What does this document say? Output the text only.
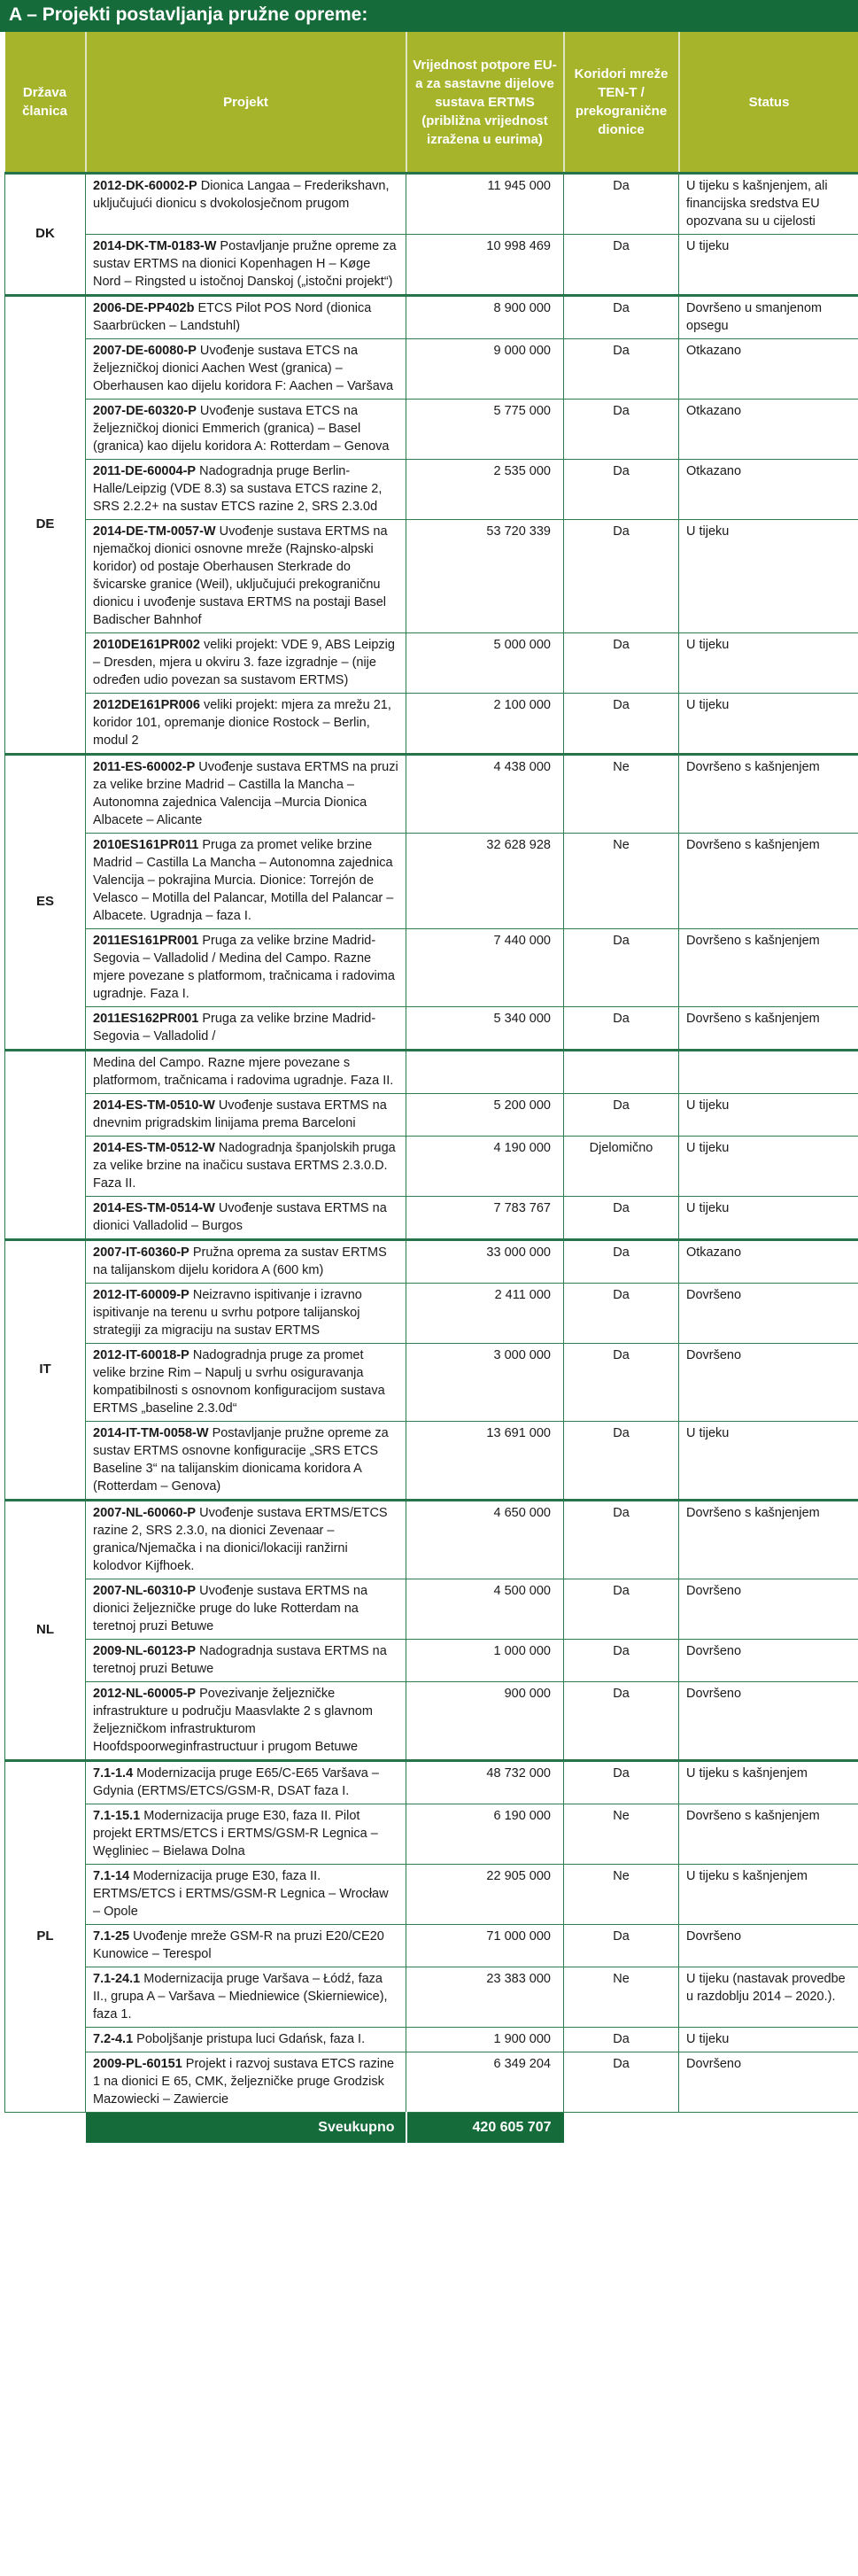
A – Projekti postavljanja pružne opreme:
Država članica	Projekt	Vrijednost potpore EU-a za sastavne dijelove sustava ERTMS (približna vrijednost izražena u eurima)	Koridori mreže TEN-T / prekogranične dionice	Status
DK	2012-DK-60002-P Dionica Langaa – Frederikshavn, uključujući dionicu s dvokolosječnom prugom	11 945 000	Da	U tijeku s kašnjenjem, ali financijska sredstva EU opozvana su u cijelosti
	2014-DK-TM-0183-W Postavljanje pružne opreme za sustav ERTMS na dionici Kopenhagen H – Køge Nord – Ringsted u istočnoj Danskoj („istočni projekt“)	10 998 469	Da	U tijeku
DE	2006-DE-PP402b ETCS Pilot POS Nord (dionica Saarbrücken – Landstuhl)	8 900 000	Da	Dovršeno u smanjenom opsegu
	2007-DE-60080-P Uvođenje sustava ETCS na željezničkoj dionici Aachen West (granica) – Oberhausen kao dijelu koridora F: Aachen – Varšava	9 000 000	Da	Otkazano
	2007-DE-60320-P Uvođenje sustava ETCS na željezničkoj dionici Emmerich (granica) – Basel (granica) kao dijelu koridora A: Rotterdam – Genova	5 775 000	Da	Otkazano
	2011-DE-60004-P Nadogradnja pruge Berlin-Halle/Leipzig (VDE 8.3) sa sustava ETCS razine 2, SRS 2.2.2+ na sustav ETCS razine 2, SRS 2.3.0d	2 535 000	Da	Otkazano
	2014-DE-TM-0057-W Uvođenje sustava ERTMS na njemačkoj dionici osnovne mreže (Rajnsko-alpski koridor) od postaje Oberhausen Sterkrade do švicarske granice (Weil), uključujući prekograničnu dionicu i uvođenje sustava ERTMS na postaji Basel Badischer Bahnhof	53 720 339	Da	U tijeku
	2010DE161PR002 veliki projekt: VDE 9, ABS Leipzig – Dresden, mjera u okviru 3. faze izgradnje – (nije određen udio povezan sa sustavom ERTMS)	5 000 000	Da	U tijeku
	2012DE161PR006 veliki projekt: mjera za mrežu 21, koridor 101, opremanje dionice Rostock – Berlin, modul 2	2 100 000	Da	U tijeku
ES	2011-ES-60002-P Uvođenje sustava ERTMS na pruzi za velike brzine Madrid – Castilla la Mancha – Autonomna zajednica Valencija –Murcia Dionica Albacete – Alicante	4 438 000	Ne	Dovršeno s kašnjenjem
	2010ES161PR011 Pruga za promet velike brzine Madrid – Castilla La Mancha – Autonomna zajednica Valencija – pokrajina Murcia. Dionice: Torrejón de Velasco – Motilla del Palancar, Motilla del Palancar – Albacete. Ugradnja – faza I.	32 628 928	Ne	Dovršeno s kašnjenjem
	2011ES161PR001 Pruga za velike brzine Madrid-Segovia – Valladolid / Medina del Campo. Razne mjere povezane s platformom, tračnicama i radovima ugradnje. Faza I.	7 440 000	Da	Dovršeno s kašnjenjem
	2011ES162PR001 Pruga za velike brzine Madrid-Segovia – Valladolid /	5 340 000	Da	Dovršeno s kašnjenjem
	Medina del Campo. Razne mjere povezane s platformom, tračnicama i radovima ugradnje. Faza II.			
	2014-ES-TM-0510-W Uvođenje sustava ERTMS na dnevnim prigradskim linijama prema Barceloni	5 200 000	Da	U tijeku
	2014-ES-TM-0512-W Nadogradnja španjolskih pruga za velike brzine na inačicu sustava ERTMS 2.3.0.D. Faza II.	4 190 000	Djelomično	U tijeku
	2014-ES-TM-0514-W Uvođenje sustava ERTMS na dionici Valladolid – Burgos	7 783 767	Da	U tijeku
IT	2007-IT-60360-P Pružna oprema za sustav ERTMS na talijanskom dijelu koridora A (600 km)	33 000 000	Da	Otkazano
	2012-IT-60009-P Neizravno ispitivanje i izravno ispitivanje na terenu u svrhu potpore talijanskoj strategiji za migraciju na sustav ERTMS	2 411 000	Da	Dovršeno
	2012-IT-60018-P Nadogradnja pruge za promet velike brzine Rim – Napulj u svrhu osiguravanja kompatibilnosti s osnovnom konfiguracijom sustava ERTMS „baseline 2.3.0d“	3 000 000	Da	Dovršeno
	2014-IT-TM-0058-W Postavljanje pružne opreme za sustav ERTMS osnovne konfiguracije „SRS ETCS Baseline 3“ na talijanskim dionicama koridora A (Rotterdam – Genova)	13 691 000	Da	U tijeku
NL	2007-NL-60060-P Uvođenje sustava ERTMS/ETCS razine 2, SRS 2.3.0, na dionici Zevenaar – granica/Njemačka i na dionici/lokaciji ranžirni kolodvor Kijfhoek.	4 650 000	Da	Dovršeno s kašnjenjem
	2007-NL-60310-P Uvođenje sustava ERTMS na dionici željezničke pruge do luke Rotterdam na teretnoj pruzi Betuwe	4 500 000	Da	Dovršeno
	2009-NL-60123-P Nadogradnja sustava ERTMS na teretnoj pruzi Betuwe	1 000 000	Da	Dovršeno
	2012-NL-60005-P Povezivanje željezničke infrastrukture u području Maasvlakte 2 s glavnom željezničkom infrastrukturom Hoofdspoorweginfrastructuur i prugom Betuwe	900 000	Da	Dovršeno
PL	7.1-1.4 Modernizacija pruge E65/C-E65 Varšava – Gdynia (ERTMS/ETCS/GSM-R, DSAT faza I.	48 732 000	Da	U tijeku s kašnjenjem
	7.1-15.1 Modernizacija pruge E30, faza II. Pilot projekt ERTMS/ETCS i ERTMS/GSM-R Legnica – Węgliniec – Bielawa Dolna	6 190 000	Ne	Dovršeno s kašnjenjem
	7.1-14 Modernizacija pruge E30, faza II. ERTMS/ETCS i ERTMS/GSM-R Legnica – Wrocław – Opole	22 905 000	Ne	U tijeku s kašnjenjem
	7.1-25 Uvođenje mreže GSM-R na pruzi E20/CE20 Kunowice – Terespol	71 000 000	Da	Dovršeno
	7.1-24.1 Modernizacija pruge Varšava – Łódź, faza II., grupa A – Varšava – Miedniewice (Skierniewice), faza 1.	23 383 000	Ne	U tijeku (nastavak provedbe u razdoblju 2014 – 2020.).
	7.2-4.1 Poboljšanje pristupa luci Gdańsk, faza I.	1 900 000	Da	U tijeku
	2009-PL-60151 Projekt i razvoj sustava ETCS razine 1 na dionici E 65, CMK, željezničke pruge Grodzisk Mazowiecki – Zawiercie	6 349 204	Da	Dovršeno
	Sveukupno	420 605 707		
